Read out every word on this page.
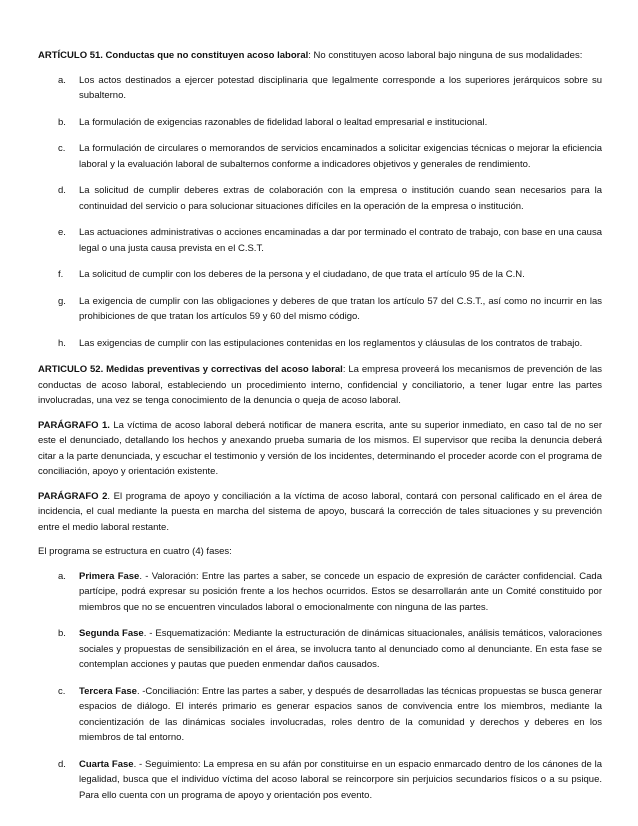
ARTÍCULO 51. Conductas que no constituyen acoso laboral: No constituyen acoso laboral bajo ninguna de sus modalidades:

a. Los actos destinados a ejercer potestad disciplinaria que legalmente corresponde a los superiores jerárquicos sobre su subalterno.
b. La formulación de exigencias razonables de fidelidad laboral o lealtad empresarial e institucional.
c. La formulación de circulares o memorandos de servicios encaminados a solicitar exigencias técnicas o mejorar la eficiencia laboral y la evaluación laboral de subalternos conforme a indicadores objetivos y generales de rendimiento.
d. La solicitud de cumplir deberes extras de colaboración con la empresa o institución cuando sean necesarios para la continuidad del servicio o para solucionar situaciones difíciles en la operación de la empresa o institución.
e. Las actuaciones administrativas o acciones encaminadas a dar por terminado el contrato de trabajo, con base en una causa legal o una justa causa prevista en el C.S.T.
f. La solicitud de cumplir con los deberes de la persona y el ciudadano, de que trata el artículo 95 de la C.N.
g. La exigencia de cumplir con las obligaciones y deberes de que tratan los artículo 57 del C.S.T., así como no incurrir en las prohibiciones de que tratan los artículos 59 y 60 del mismo código.
h. Las exigencias de cumplir con las estipulaciones contenidas en los reglamentos y cláusulas de los contratos de trabajo.

ARTICULO 52. Medidas preventivas y correctivas del acoso laboral: La empresa proveerá los mecanismos de prevención de las conductas de acoso laboral, estableciendo un procedimiento interno, confidencial y conciliatorio, a tener lugar entre las partes involucradas, una vez se tenga conocimiento de la denuncia o queja de acoso laboral.

PARÁGRAFO 1. La víctima de acoso laboral deberá notificar de manera escrita, ante su superior inmediato, en caso tal de no ser este el denunciado, detallando los hechos y anexando prueba sumaria de los mismos. El supervisor que reciba la denuncia deberá citar a la parte denunciada, y escuchar el testimonio y versión de los incidentes, determinando el proceder acorde con el programa de conciliación, apoyo y orientación existente.

PARÁGRAFO 2. El programa de apoyo y conciliación a la víctima de acoso laboral, contará con personal calificado en el área de incidencia, el cual mediante la puesta en marcha del sistema de apoyo, buscará la corrección de tales situaciones y su prevención entre el medio laboral restante.

El programa se estructura en cuatro (4) fases:

a. Primera Fase. - Valoración: Entre las partes a saber, se concede un espacio de expresión de carácter confidencial. Cada partícipe, podrá expresar su posición frente a los hechos ocurridos. Estos se desarrollarán ante un Comité constituido por miembros que no se encuentren vinculados laboral o emocionalmente con ninguna de las partes.
b. Segunda Fase. - Esquematización: Mediante la estructuración de dinámicas situacionales, análisis temáticos, valoraciones sociales y propuestas de sensibilización en el área, se involucra tanto al denunciado como al denunciante. En esta fase se contemplan acciones y pautas que pueden enmendar daños causados.
c. Tercera Fase. -Conciliación: Entre las partes a saber, y después de desarrolladas las técnicas propuestas se busca generar espacios de diálogo. El interés primario es generar espacios sanos de convivencia entre los miembros, mediante la concientización de las dinámicas sociales involucradas, roles dentro de la comunidad y derechos y deberes en los miembros de tal entorno.
d. Cuarta Fase. - Seguimiento: La empresa en su afán por constituirse en un espacio enmarcado dentro de los cánones de la legalidad, busca que el individuo víctima del acoso laboral se reincorpore sin perjuicios secundarios físicos o a su psique. Para ello cuenta con un programa de apoyo y orientación pos evento.
